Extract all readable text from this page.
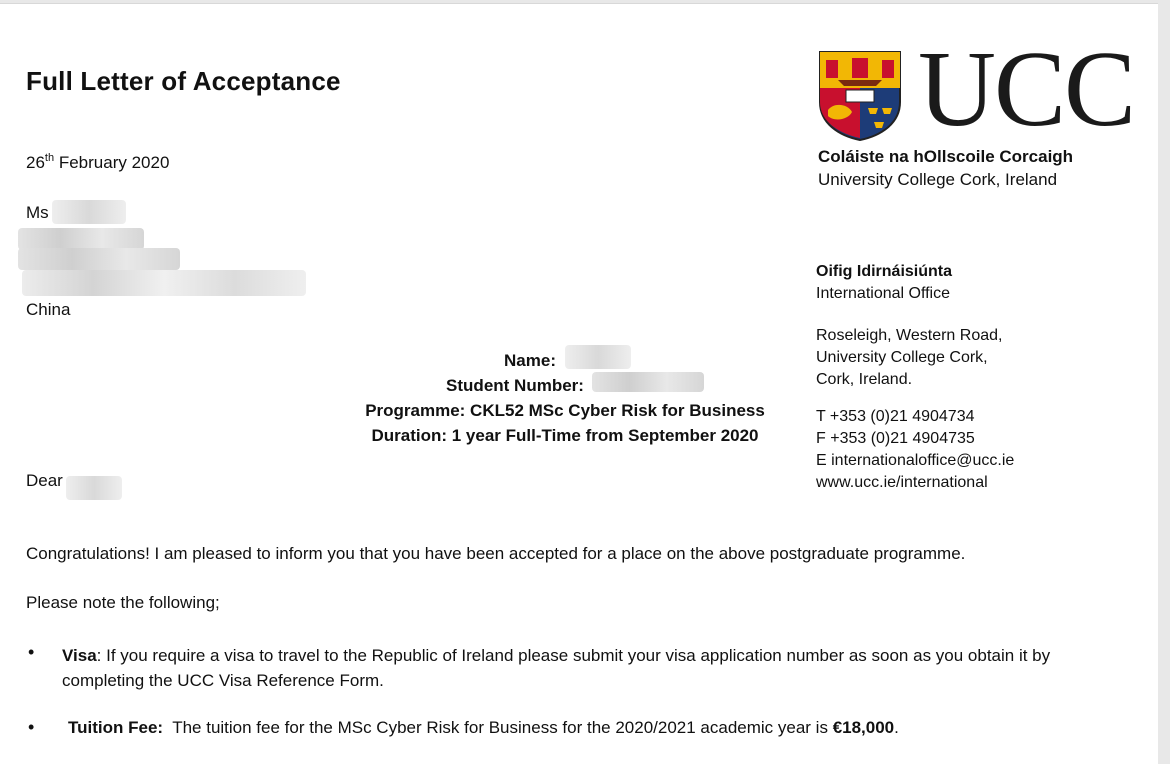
Full Letter of Acceptance
26th February 2020
Ms
China
Name:
Student Number:
Programme: CKL52 MSc Cyber Risk for Business
Duration: 1 year Full-Time from September 2020
Dear
Congratulations! I am pleased to inform you that you have been accepted for a place on the above postgraduate programme.
Please note the following;
• Visa: If you require a visa to travel to the Republic of Ireland please submit your visa application number as soon as you obtain it by completing the UCC Visa Reference Form.
• Tuition Fee:  The tuition fee for the MSc Cyber Risk for Business for the 2020/2021 academic year is €18,000.
UCC
Coláiste na hOllscoile Corcaigh
University College Cork, Ireland
Oifig Idirnáisiúnta
International Office
Roseleigh, Western Road,
University College Cork,
Cork, Ireland.
T +353 (0)21 4904734
F +353 (0)21 4904735
E internationaloffice@ucc.ie
www.ucc.ie/international
